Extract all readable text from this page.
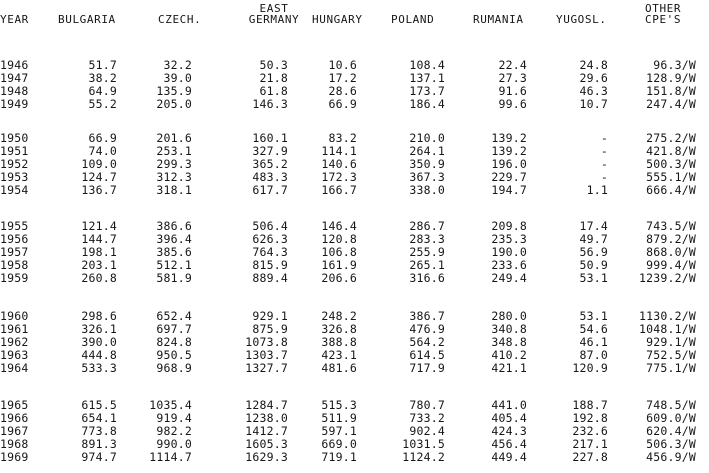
YEAR	BULGARIA	CZECH.
EAST
GERMANY	HUNGARY	POLAND	RUMANIA	YUGOSL.
OTHER
CPE'S
1946	51.7	32.2	50.3	10.6	108.4	22.4	24.8	96.3/W
1947	38.2	39.0	21.8	17.2	137.1	27.3	29.6	128.9/W
1948	64.9	135.9	61.8	28.6	173.7	91.6	46.3	151.8/W
1949	55.2	205.0	146.3	66.9	186.4	99.6	10.7	247.4/W
1950	66.9	201.6	160.1	83.2	210.0	139.2	-	275.2/W
1951	74.0	253.1	327.9	114.1	264.1	139.2	-	421.8/W
1952	109.0	299.3	365.2	140.6	350.9	196.0	-	500.3/W
1953	124.7	312.3	483.3	172.3	367.3	229.7	-	555.1/W
1954	136.7	318.1	617.7	166.7	338.0	194.7	1.1	666.4/W
1955	121.4	386.6	506.4	146.4	286.7	209.8	17.4	743.5/W
1956	144.7	396.4	626.3	120.8	283.3	235.3	49.7	879.2/W
1957	198.1	385.6	764.3	106.8	255.9	190.0	56.9	868.0/W
1958	203.1	512.1	815.9	161.9	265.1	233.6	50.9	999.4/W
1959	260.8	581.9	889.4	206.6	316.6	249.4	53.1	1239.2/W
1960	298.6	652.4	929.1	248.2	386.7	280.0	53.1	1130.2/W
1961	326.1	697.7	875.9	326.8	476.9	340.8	54.6	1048.1/W
1962	390.0	824.8	1073.8	388.8	564.2	348.8	46.1	929.1/W
1963	444.8	950.5	1303.7	423.1	614.5	410.2	87.0	752.5/W
1964	533.3	968.9	1327.7	481.6	717.9	421.1	120.9	775.1/W
1965	615.5	1035.4	1284.7	515.3	780.7	441.0	188.7	748.5/W
1966	654.1	919.4	1238.0	511.9	733.2	405.4	192.8	609.0/W
1967	773.8	982.2	1412.7	597.1	902.4	424.3	232.6	620.4/W
1968	891.3	990.0	1605.3	669.0	1031.5	456.4	217.1	506.3/W
1969	974.7	1114.7	1629.3	719.1	1124.2	449.4	227.8	456.9/W
